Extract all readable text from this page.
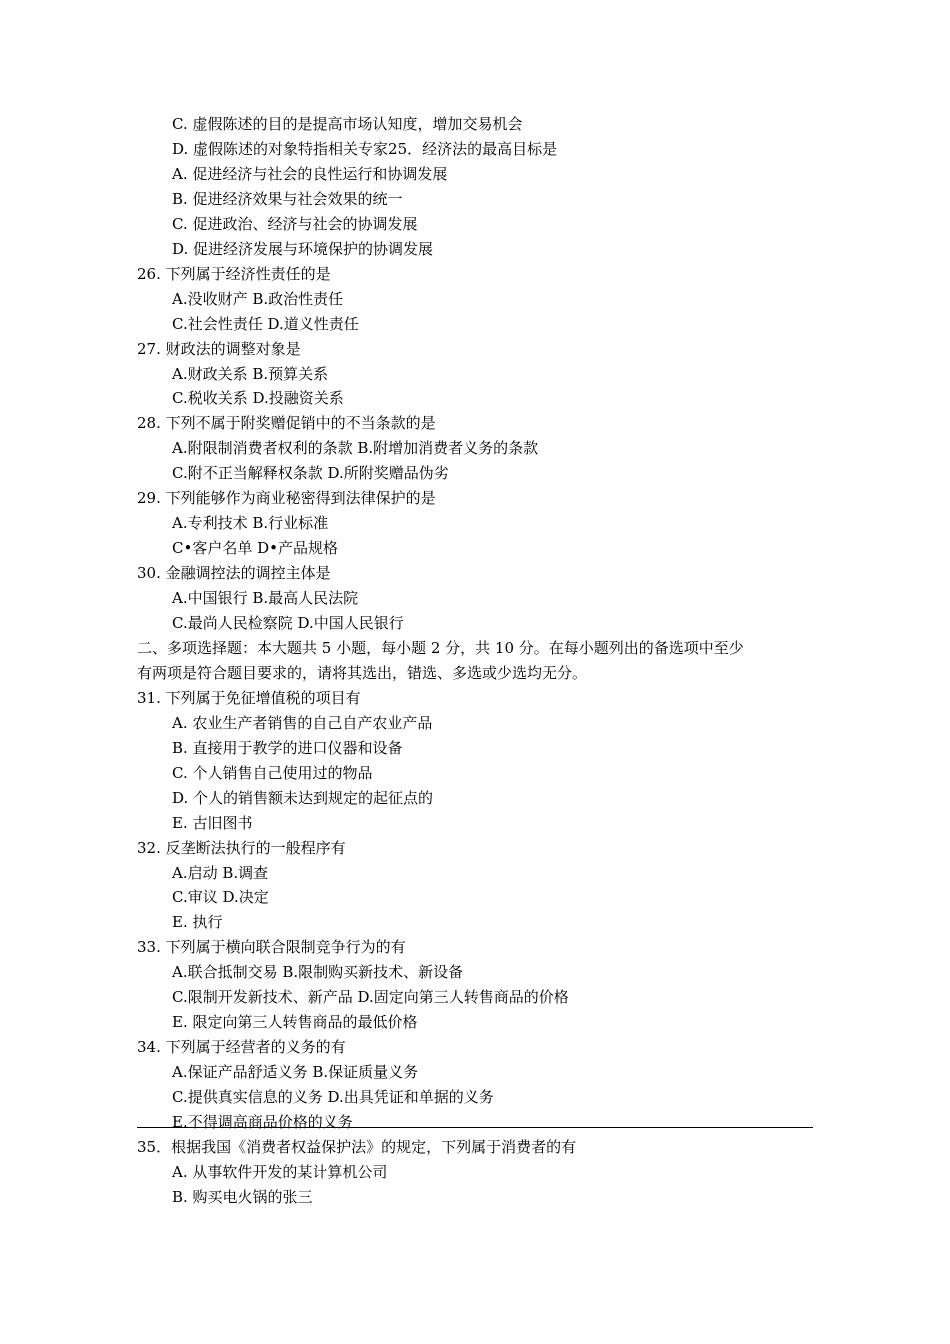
C. 虚假陈述的目的是提高市场认知度，增加交易机会
D. 虚假陈述的对象特指相关专家25．经济法的最高目标是
A. 促进经济与社会的良性运行和协调发展
B. 促进经济效果与社会效果的统一
C. 促进政治、经济与社会的协调发展
D. 促进经济发展与环境保护的协调发展
26. 下列属于经济性责任的是
A.没收财产 B.政治性责任
C.社会性责任 D.道义性责任
27. 财政法的调整对象是
A.财政关系 B.预算关系
C.税收关系 D.投融资关系
28. 下列不属于附奖赠促销中的不当条款的是
A.附限制消费者权利的条款 B.附增加消费者义务的条款
C.附不正当解释权条款 D.所附奖赠品伪劣
29. 下列能够作为商业秘密得到法律保护的是
A.专利技术 B.行业标准
C•客户名单 D•产品规格
30. 金融调控法的调控主体是
A.中国银行 B.最高人民法院
C.最尚人民检察院 D.中国人民银行
二、多项选择题：本大题共 5 小题，每小题 2 分，共 10 分。在每小题列出的备选项中至少
有两项是符合题目要求的，请将其选出，错选、多选或少选均无分。
31. 下列属于免征增值税的项目有
A. 农业生产者销售的自己自产农业产品
B. 直接用于教学的进口仪器和设备
C. 个人销售自己使用过的物品
D. 个人的销售额未达到规定的起征点的
E. 古旧图书
32. 反垄断法执行的一般程序有
A.启动 B.调查
C.审议 D.决定
E. 执行
33. 下列属于横向联合限制竞争行为的有
A.联合抵制交易 B.限制购买新技术、新设备
C.限制开发新技术、新产品 D.固定向第三人转售商品的价格
E. 限定向第三人转售商品的最低价格
34. 下列属于经营者的义务的有
A.保证产品舒适义务 B.保证质量义务
C.提供真实信息的义务 D.出具凭证和单据的义务
E.不得调高商品价格的义务
35．根据我国《消费者权益保护法》的规定，下列属于消费者的有
A. 从事软件开发的某计算机公司
B. 购买电火锅的张三
